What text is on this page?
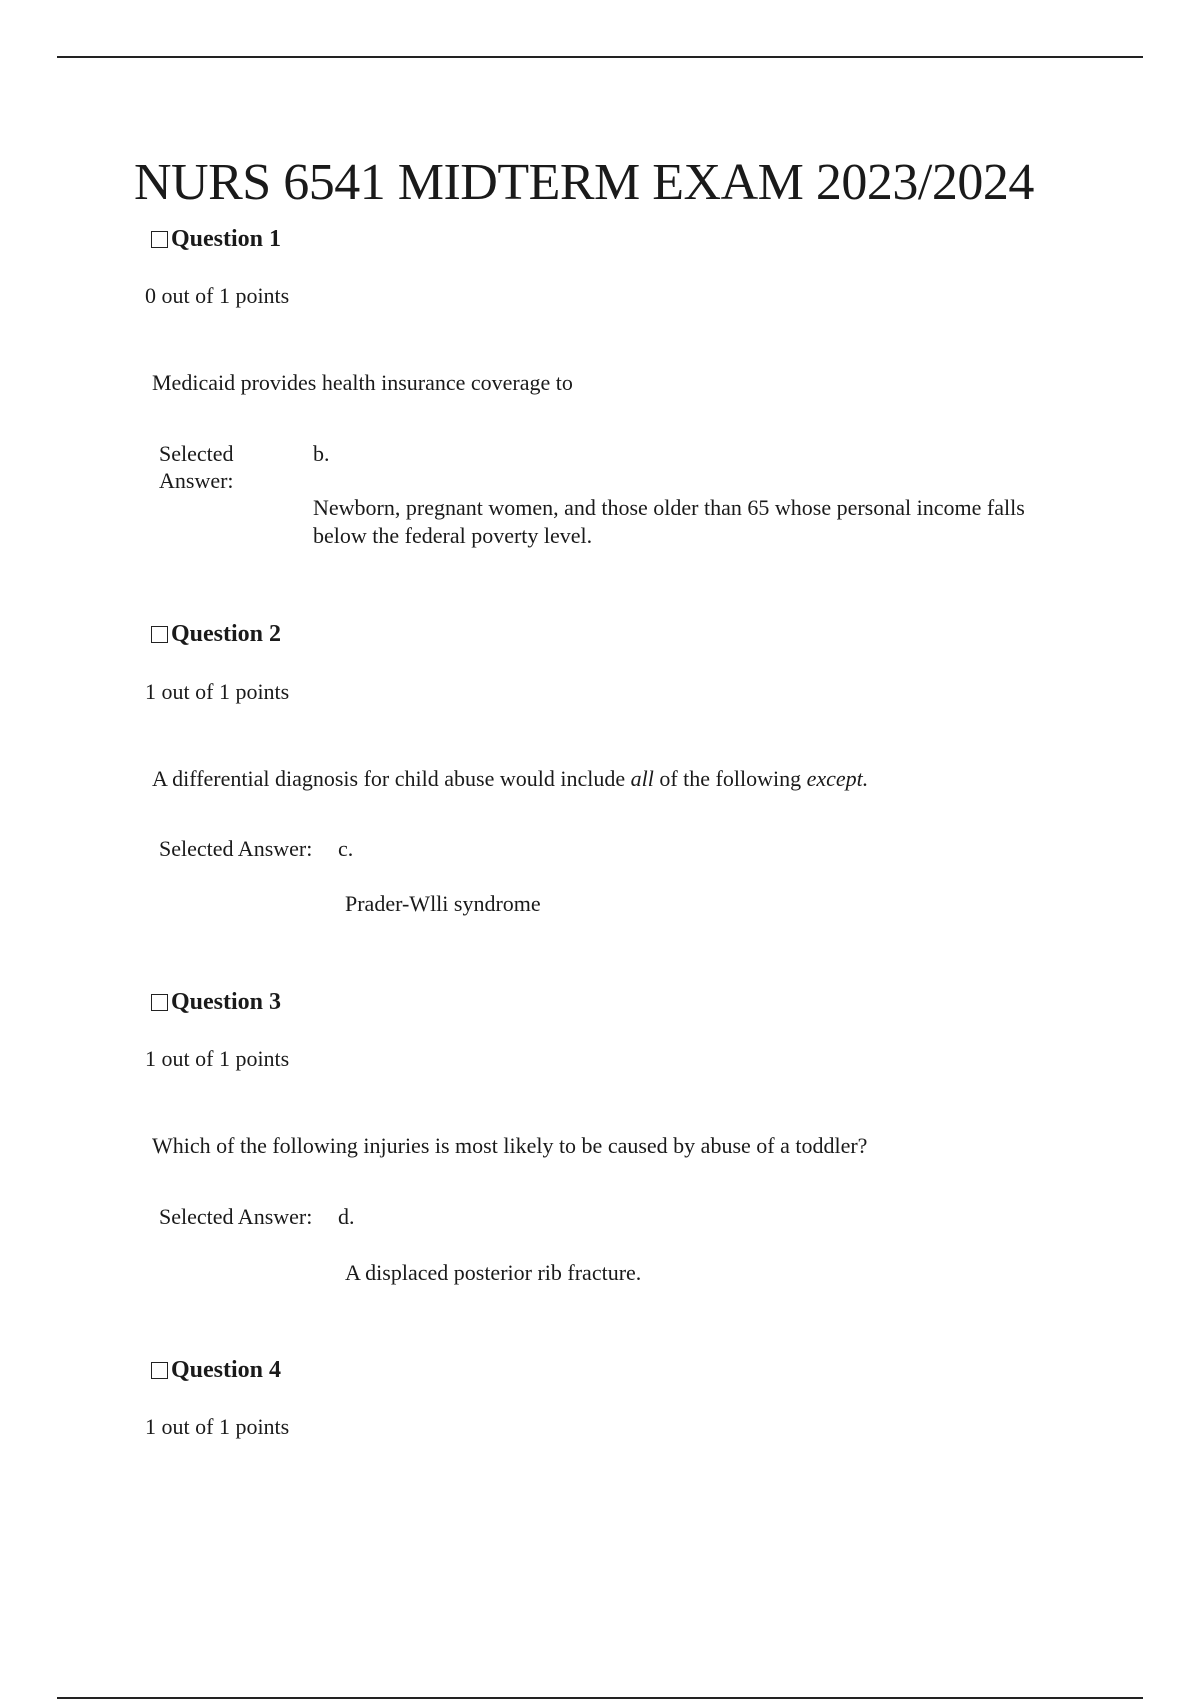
NURS 6541 MIDTERM EXAM 2023/2024
Question 1
0 out of 1 points
Medicaid provides health insurance coverage to
Selected
Answer:
b.
Newborn, pregnant women, and those older than 65 whose personal income falls below the federal poverty level.
Question 2
1 out of 1 points
A differential diagnosis for child abuse would include all of the following except.
Selected Answer: c.
Prader-Wlli syndrome
Question 3
1 out of 1 points
Which of the following injuries is most likely to be caused by abuse of a toddler?
Selected Answer: d.
A displaced posterior rib fracture.
Question 4
1 out of 1 points
